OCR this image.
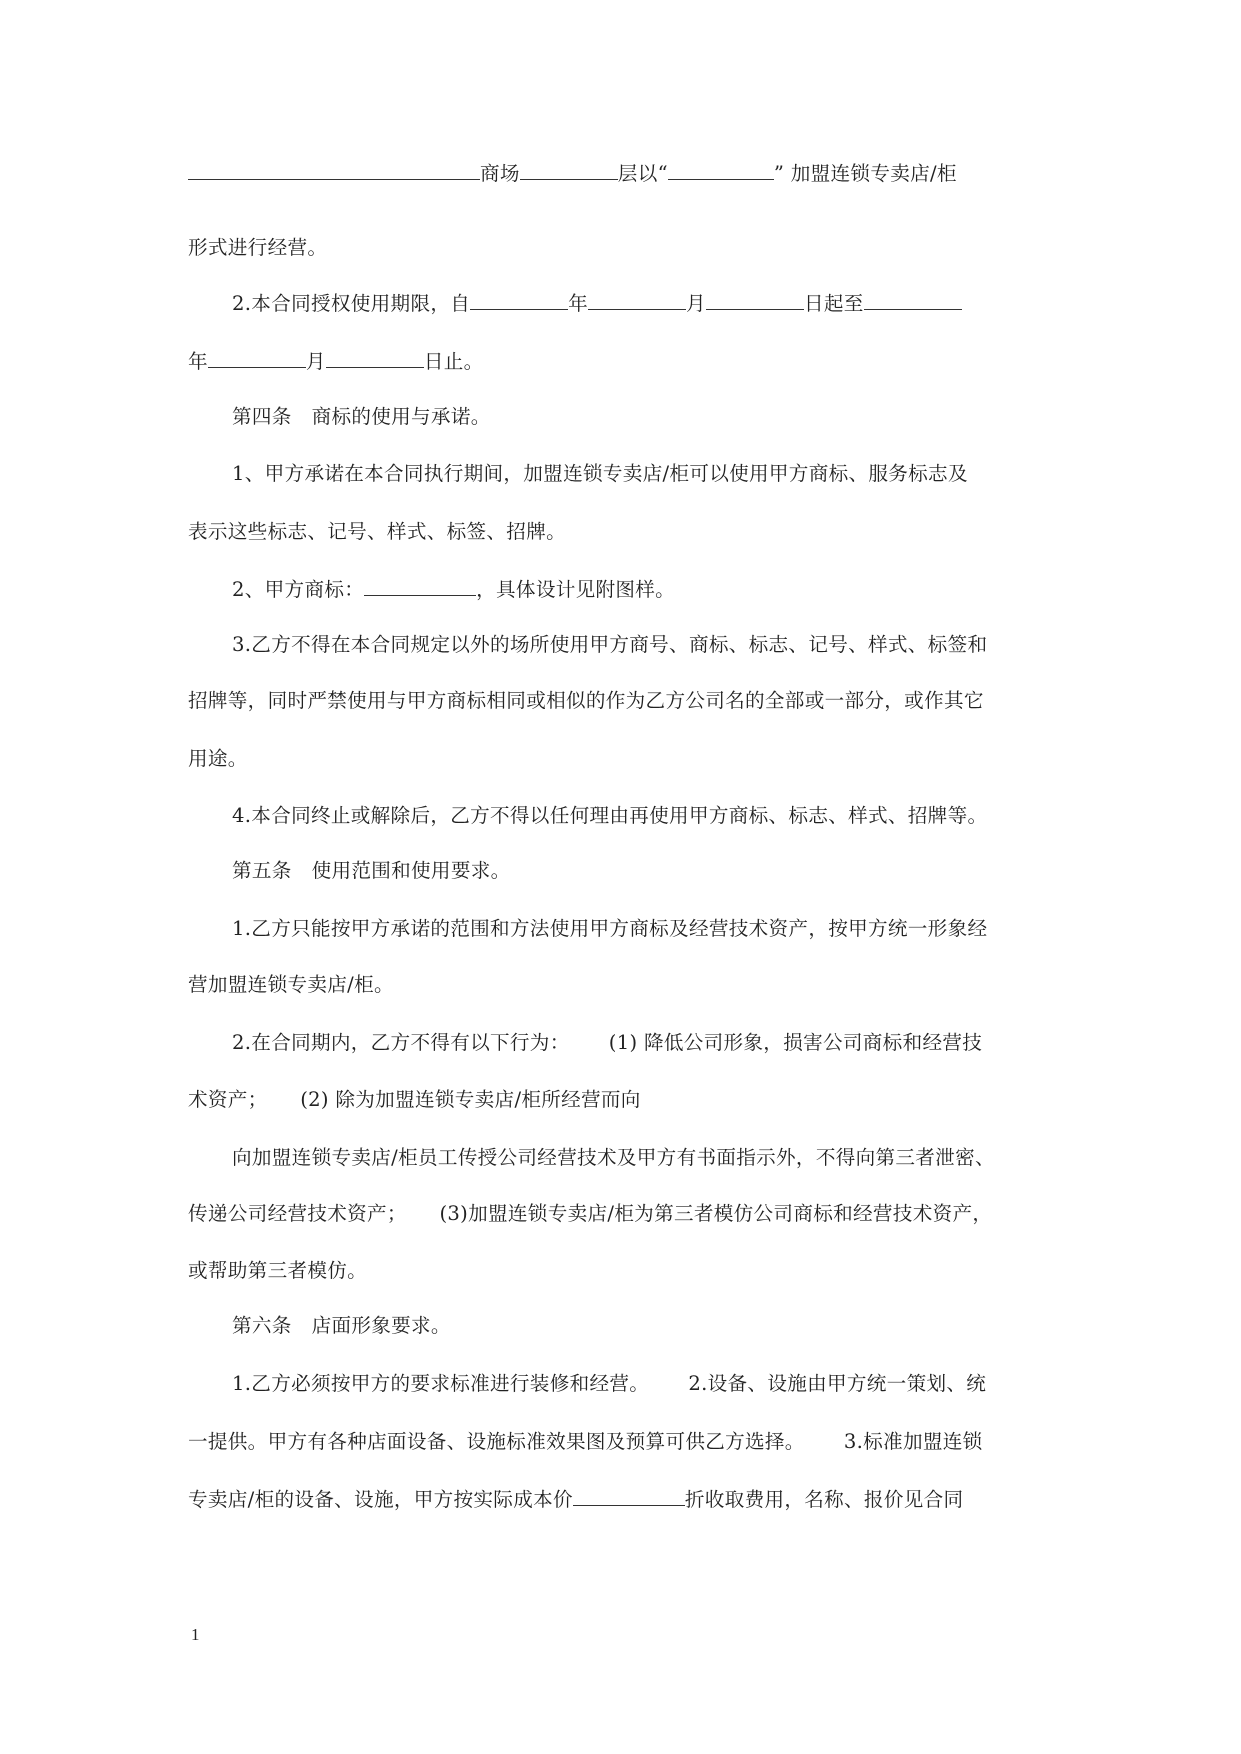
商场	层以“	” 加盟连锁专卖店/柜
形式进行经营。
2.本合同授权使用期限，自	年	月	日起至
年	月	日止。
第四条　商标的使用与承诺。
1、甲方承诺在本合同执行期间，加盟连锁专卖店/柜可以使用甲方商标、服务标志及
表示这些标志、记号、样式、标签、招牌。
2、甲方商标：	，具体设计见附图样。
3.乙方不得在本合同规定以外的场所使用甲方商号、商标、标志、记号、样式、标签和
招牌等，同时严禁使用与甲方商标相同或相似的作为乙方公司名的全部或一部分，或作其它
用途。
4.本合同终止或解除后，乙方不得以任何理由再使用甲方商标、标志、样式、招牌等。
第五条　使用范围和使用要求。
1.乙方只能按甲方承诺的范围和方法使用甲方商标及经营技术资产，按甲方统一形象经
营加盟连锁专卖店/柜。
2.在合同期内，乙方不得有以下行为：      (1) 降低公司形象，损害公司商标和经营技
术资产；     (2) 除为加盟连锁专卖店/柜所经营而向
向加盟连锁专卖店/柜员工传授公司经营技术及甲方有书面指示外，不得向第三者泄密、
传递公司经营技术资产；     (3)加盟连锁专卖店/柜为第三者模仿公司商标和经营技术资产，
或帮助第三者模仿。
第六条　店面形象要求。
1.乙方必须按甲方的要求标准进行装修和经营。      2.设备、设施由甲方统一策划、统
一提供。甲方有各种店面设备、设施标准效果图及预算可供乙方选择。      3.标准加盟连锁
专卖店/柜的设备、设施，甲方按实际成本价	折收取费用，名称、报价见合同
1
